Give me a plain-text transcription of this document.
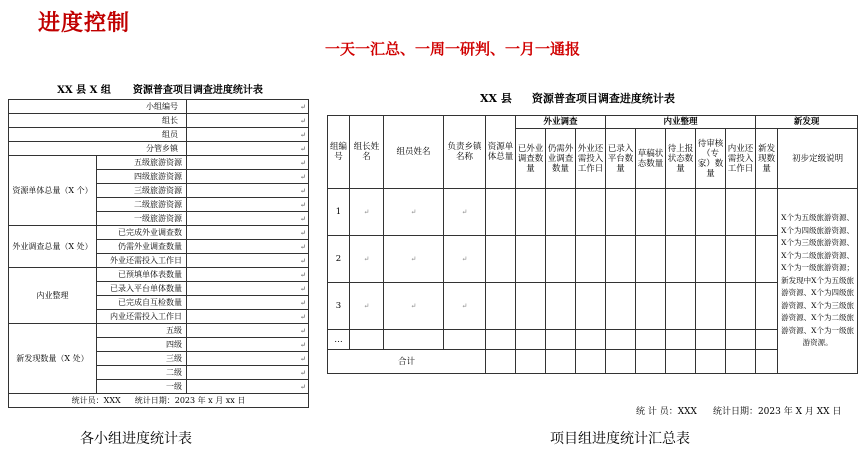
进度控制
一天一汇总、一周一研判、一月一通报
XX 县 X 组 资源普查项目调查进度统计表
小组编号		↵
组长		↵
组员		↵
分管乡镇		↵
资源单体总量（X 个）	五级旅游资源	↵
	四级旅游资源	↵
	三级旅游资源	↵
	二级旅游资源	↵
	一级旅游资源	↵
外业调查总量（X 处）	已完成外业调查数	↵
	仍需外业调查数量	↵
	外业还需投入工作日	↵
内业整理	已预填单体表数量	↵
	已录入平台单体数量	↵
	已完成自互检数量	↵
	内业还需投入工作日	↵
新发现数量（X 处）	五级	↵
	四级	↵
	三级	↵
	二级	↵
	一级	↵
统计员：XXX 统计日期：2023 年 x 月 xx 日		
各小组进度统计表
XX 县 资源普查项目调查进度统计表
组编号	组长姓名	组员姓名	负责乡镇名称	资源单体总量	外业调查			内业整理					新发现	
					已外业调查数量	仍需外业调查数量	外业还需投入工作日	已录入平台数量	草稿状态数量	待上报状态数量	待审核（专家）数量	内业还需投入工作日	新发现数量	初步定级说明
1	↵	↵	↵											X个为五级旅游资源、X个为四级旅游资源、X个为三级旅游资源、X个为二级旅游资源、X个为一级旅游资源；新发现中X个为五级旅游资源、X个为四级旅游资源、X个为三级旅游资源、X个为二级旅游资源、X个为一级旅游资源。
2	↵	↵	↵											
3	↵	↵	↵											
…														
合计														
统 计 员：XXX 统计日期：2023 年 X 月 XX 日
项目组进度统计汇总表
